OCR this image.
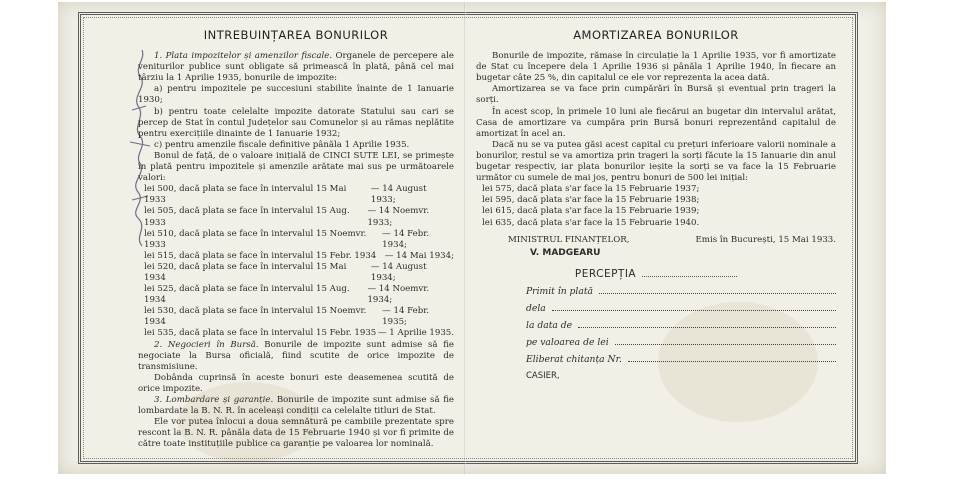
INTREBUINȚAREA BONURILOR

1. Plata impozitelor și amenzilor fiscale. Organele de percepere ale veniturilor publice sunt obligate să primească în plată, până cel mai târziu la 1 Aprilie 1935, bonurile de impozite:

a) pentru impozitele pe succesiuni stabilite înainte de 1 Ianuarie 1930;

b) pentru toate celelalte impozite datorate Statului sau cari se percep de Stat în contul Județelor sau Comunelor și au rămas neplătite pentru exercițiile dinainte de 1 Ianuarie 1932;

c) pentru amenzile fiscale definitive pânăla 1 Aprilie 1935.

Bonul de față, de o valoare inițială de CINCI SUTE LEI, se primește în plată pentru impozitele și amenzile arătate mai sus pe următoarele valori:

lei 500, dacă plata se face în intervalul 15 Mai 1933
— 14 August 1933;
lei 505, dacă plata se face în intervalul 15 Aug. 1933
— 14 Noemvr. 1933;
lei 510, dacă plata se face în intervalul 15 Noemvr. 1933
— 14 Febr. 1934;
lei 515, dacă plata se face în intervalul 15 Febr. 1934 — 14 Mai 1934;
lei 520, dacă plata se face în intervalul 15 Mai 1934
— 14 August 1934;
lei 525, dacă plata se face în intervalul 15 Aug. 1934
— 14 Noemvr. 1934;
lei 530, dacă plata se face în intervalul 15 Noemvr. 1934
— 14 Febr. 1935;
lei 535, dacă plata se face în intervalul 15 Febr. 1935 — 1 Aprilie 1935.

2. Negocieri în Bursă. Bonurile de impozite sunt admise să fie negociate la Bursa oficială, fiind scutite de orice impozite de transmisiune.

Dobânda cuprinsă în aceste bonuri este deasemenea scutită de orice impozite.

3. Lombardare și garanție. Bonurile de impozite sunt admise să fie lombardate la B. N. R. în aceleași condiții ca celelalte titluri de Stat.

Ele vor putea înlocui a doua semnătură pe cambiile prezentate spre rescont la B. N. R. pânăla data de 15 Februarie 1940 și vor fi primite de către toate instituțiile publice ca garanție pe valoarea lor nominală.

AMORTIZAREA BONURILOR

Bonurile de impozite, rămase în circulație la 1 Aprilie 1935, vor fi amortizate de Stat cu începere dela 1 Aprilie 1936 și pânăla 1 Aprilie 1940, în fiecare an bugetar câte 25 %, din capitalul ce ele vor reprezenta la acea dată.

Amortizarea se va face prin cumpărări în Bursă și eventual prin trageri la sorți.

În acest scop, în primele 10 luni ale fiecărui an bugetar din intervalul arătat, Casa de amortizare va cumpăra prin Bursă bonuri reprezentând capitalul de amortizat în acel an.

Dacă nu se va putea găsi acest capital cu prețuri inferioare valorii nominale a bonurilor, restul se va amortiza prin trageri la sorți făcute la 15 Ianuarie din anul bugetar respectiv, iar plata bonurilor ieșite la sorți se va face la 15 Februarie următor cu sumele de mai jos, pentru bonuri de 500 lei inițial:

lei 575, dacă plata s'ar face la 15 Februarie 1937;
lei 595, dacă plata s'ar face la 15 Februarie 1938;
lei 615, dacă plata s'ar face la 15 Februarie 1939;
lei 635, dacă plata s'ar face la 15 Februarie 1940.
MINISTRUL FINANȚELOR,	Emis în București, 15 Mai 1933.
V. MADGEARU
PERCEPȚIA
Primit în plată
dela
la data de
pe valoarea de lei
Eliberat chitanța Nr.
CASIER,
